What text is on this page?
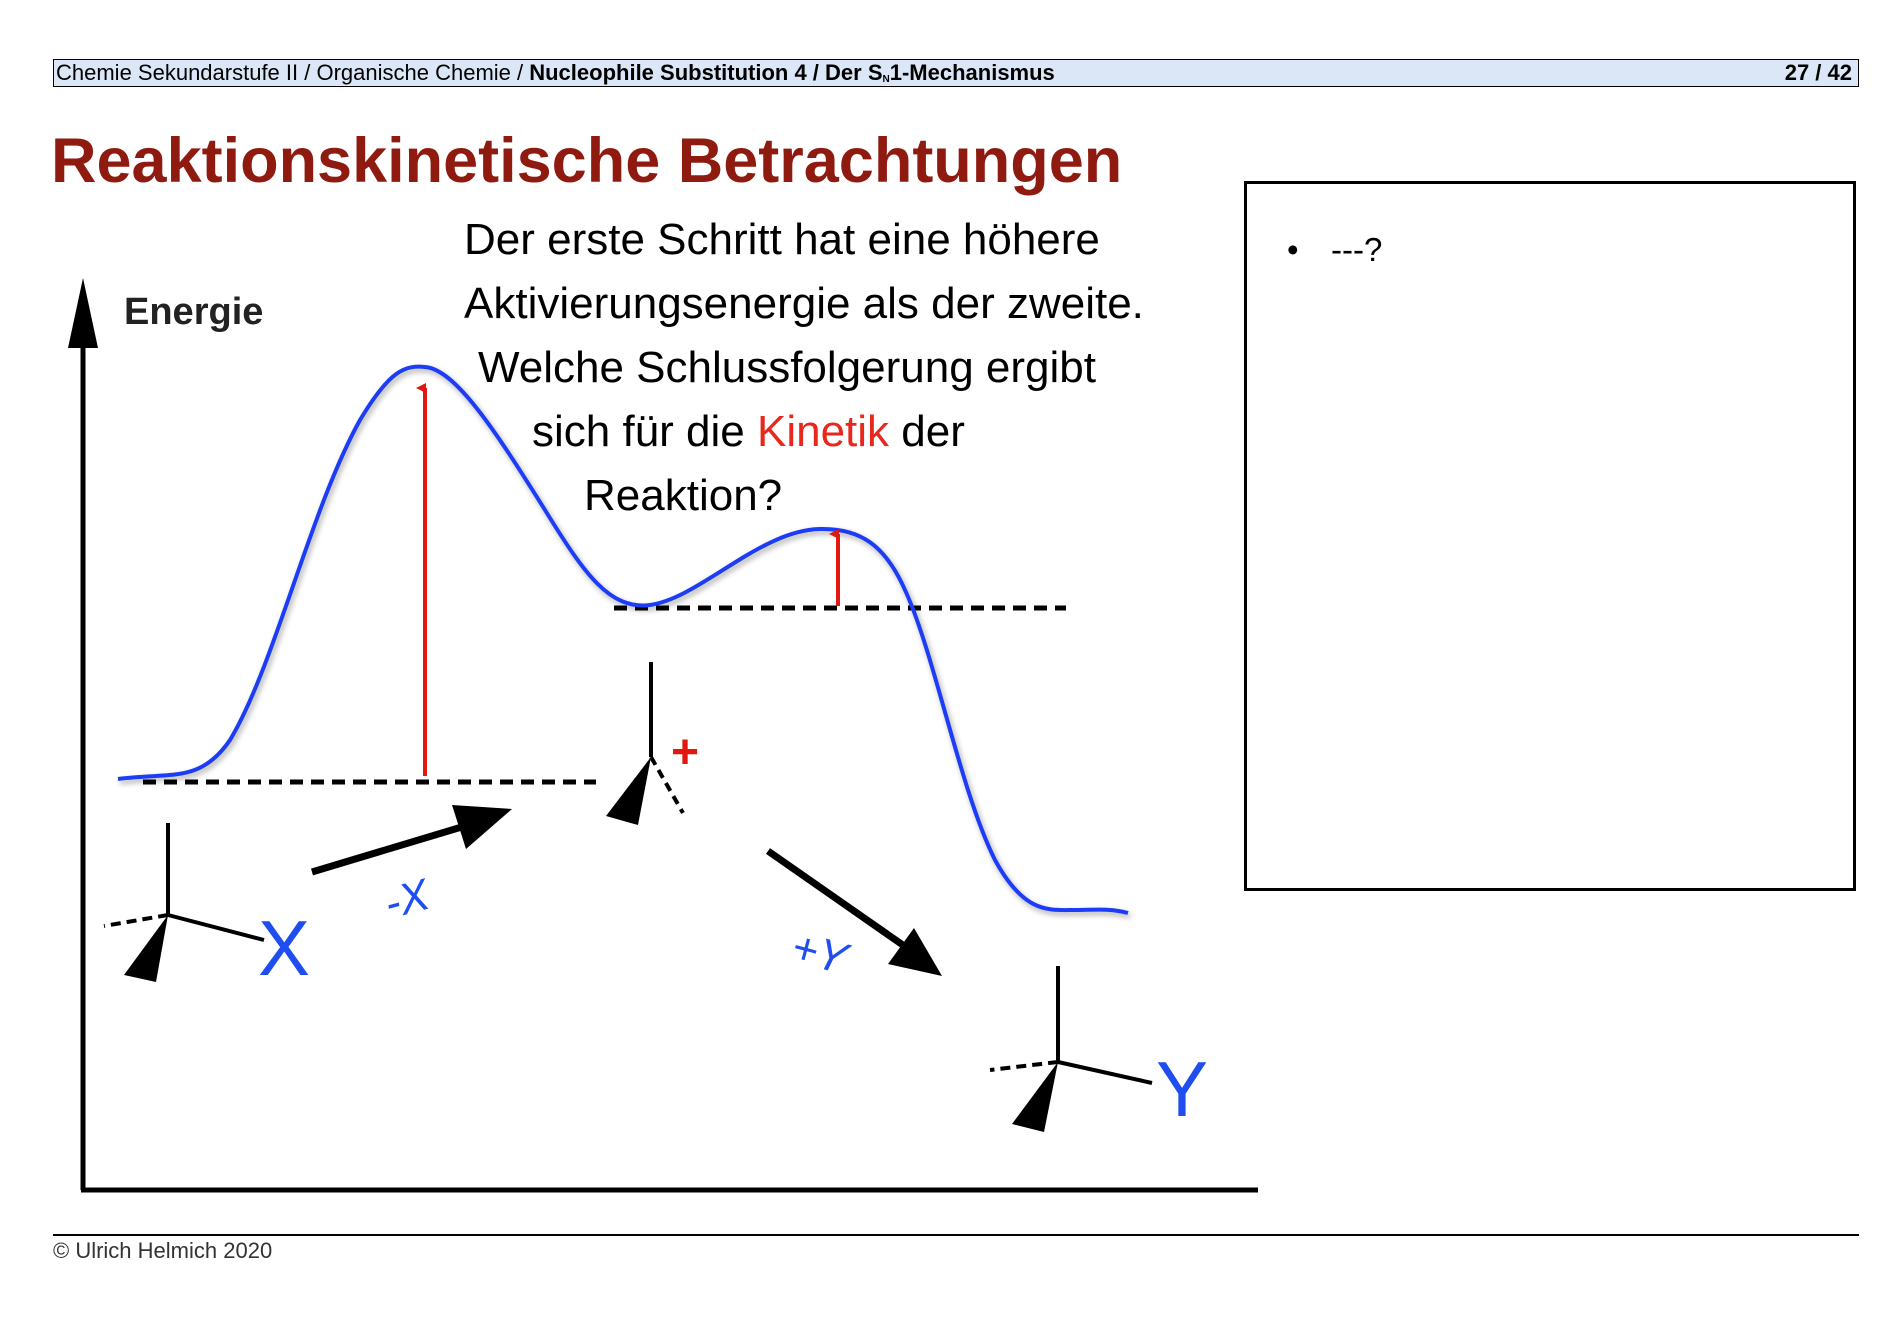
Chemie Sekundarstufe II / Organische Chemie / Nucleophile Substitution 4 / Der $S_N1$-Mechanismus	27 / 42
Reaktionskinetische Betrachtungen
Energie
X
-X
+
+Y
Y
Der erste Schritt hat eine höhere
Aktivierungsenergie als der zweite.
Welche Schlussfolgerung ergibt
sich für die Kinetik der
Reaktion?
• ---?
© Ulrich Helmich 2020
